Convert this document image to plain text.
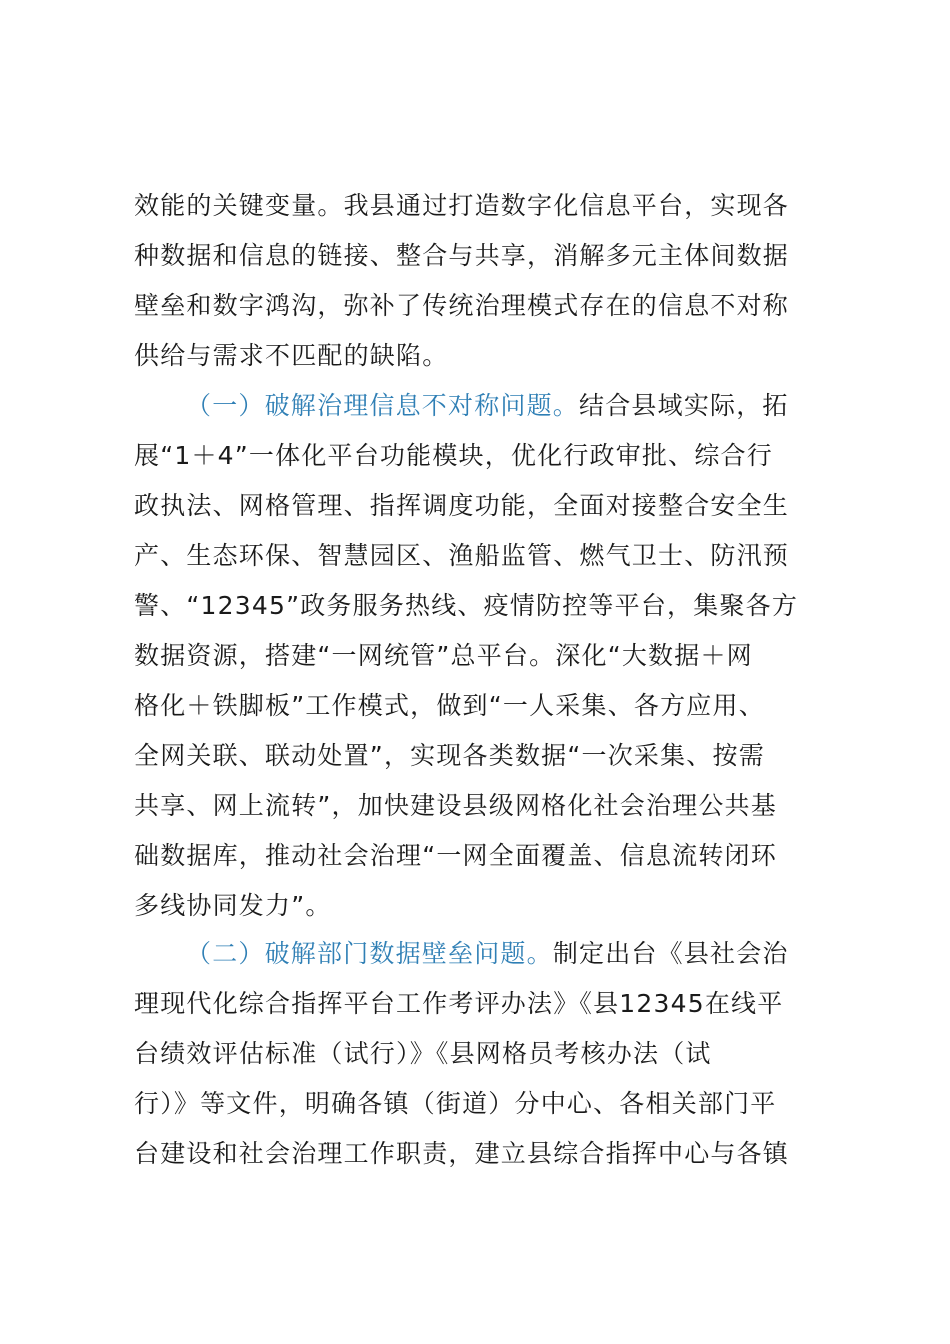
效能的关键变量。我县通过打造数字化信息平台，实现各
种数据和信息的链接、整合与共享，消解多元主体间数据
壁垒和数字鸿沟，弥补了传统治理模式存在的信息不对称
供给与需求不匹配的缺陷。
（一）破解治理信息不对称问题。结合县域实际，拓
展“1＋4”一体化平台功能模块，优化行政审批、综合行
政执法、网格管理、指挥调度功能，全面对接整合安全生
产、生态环保、智慧园区、渔船监管、燃气卫士、防汛预
警、“12345”政务服务热线、疫情防控等平台，集聚各方
数据资源，搭建“一网统管”总平台。深化“大数据＋网
格化＋铁脚板”工作模式，做到“一人采集、各方应用、
全网关联、联动处置”，实现各类数据“一次采集、按需
共享、网上流转”，加快建设县级网格化社会治理公共基
础数据库，推动社会治理“一网全面覆盖、信息流转闭环
多线协同发力”。
（二）破解部门数据壁垒问题。制定出台《县社会治
理现代化综合指挥平台工作考评办法》《县12345在线平
台绩效评估标准（试行）》《县网格员考核办法（试
行）》等文件，明确各镇（街道）分中心、各相关部门平
台建设和社会治理工作职责，建立县综合指挥中心与各镇
